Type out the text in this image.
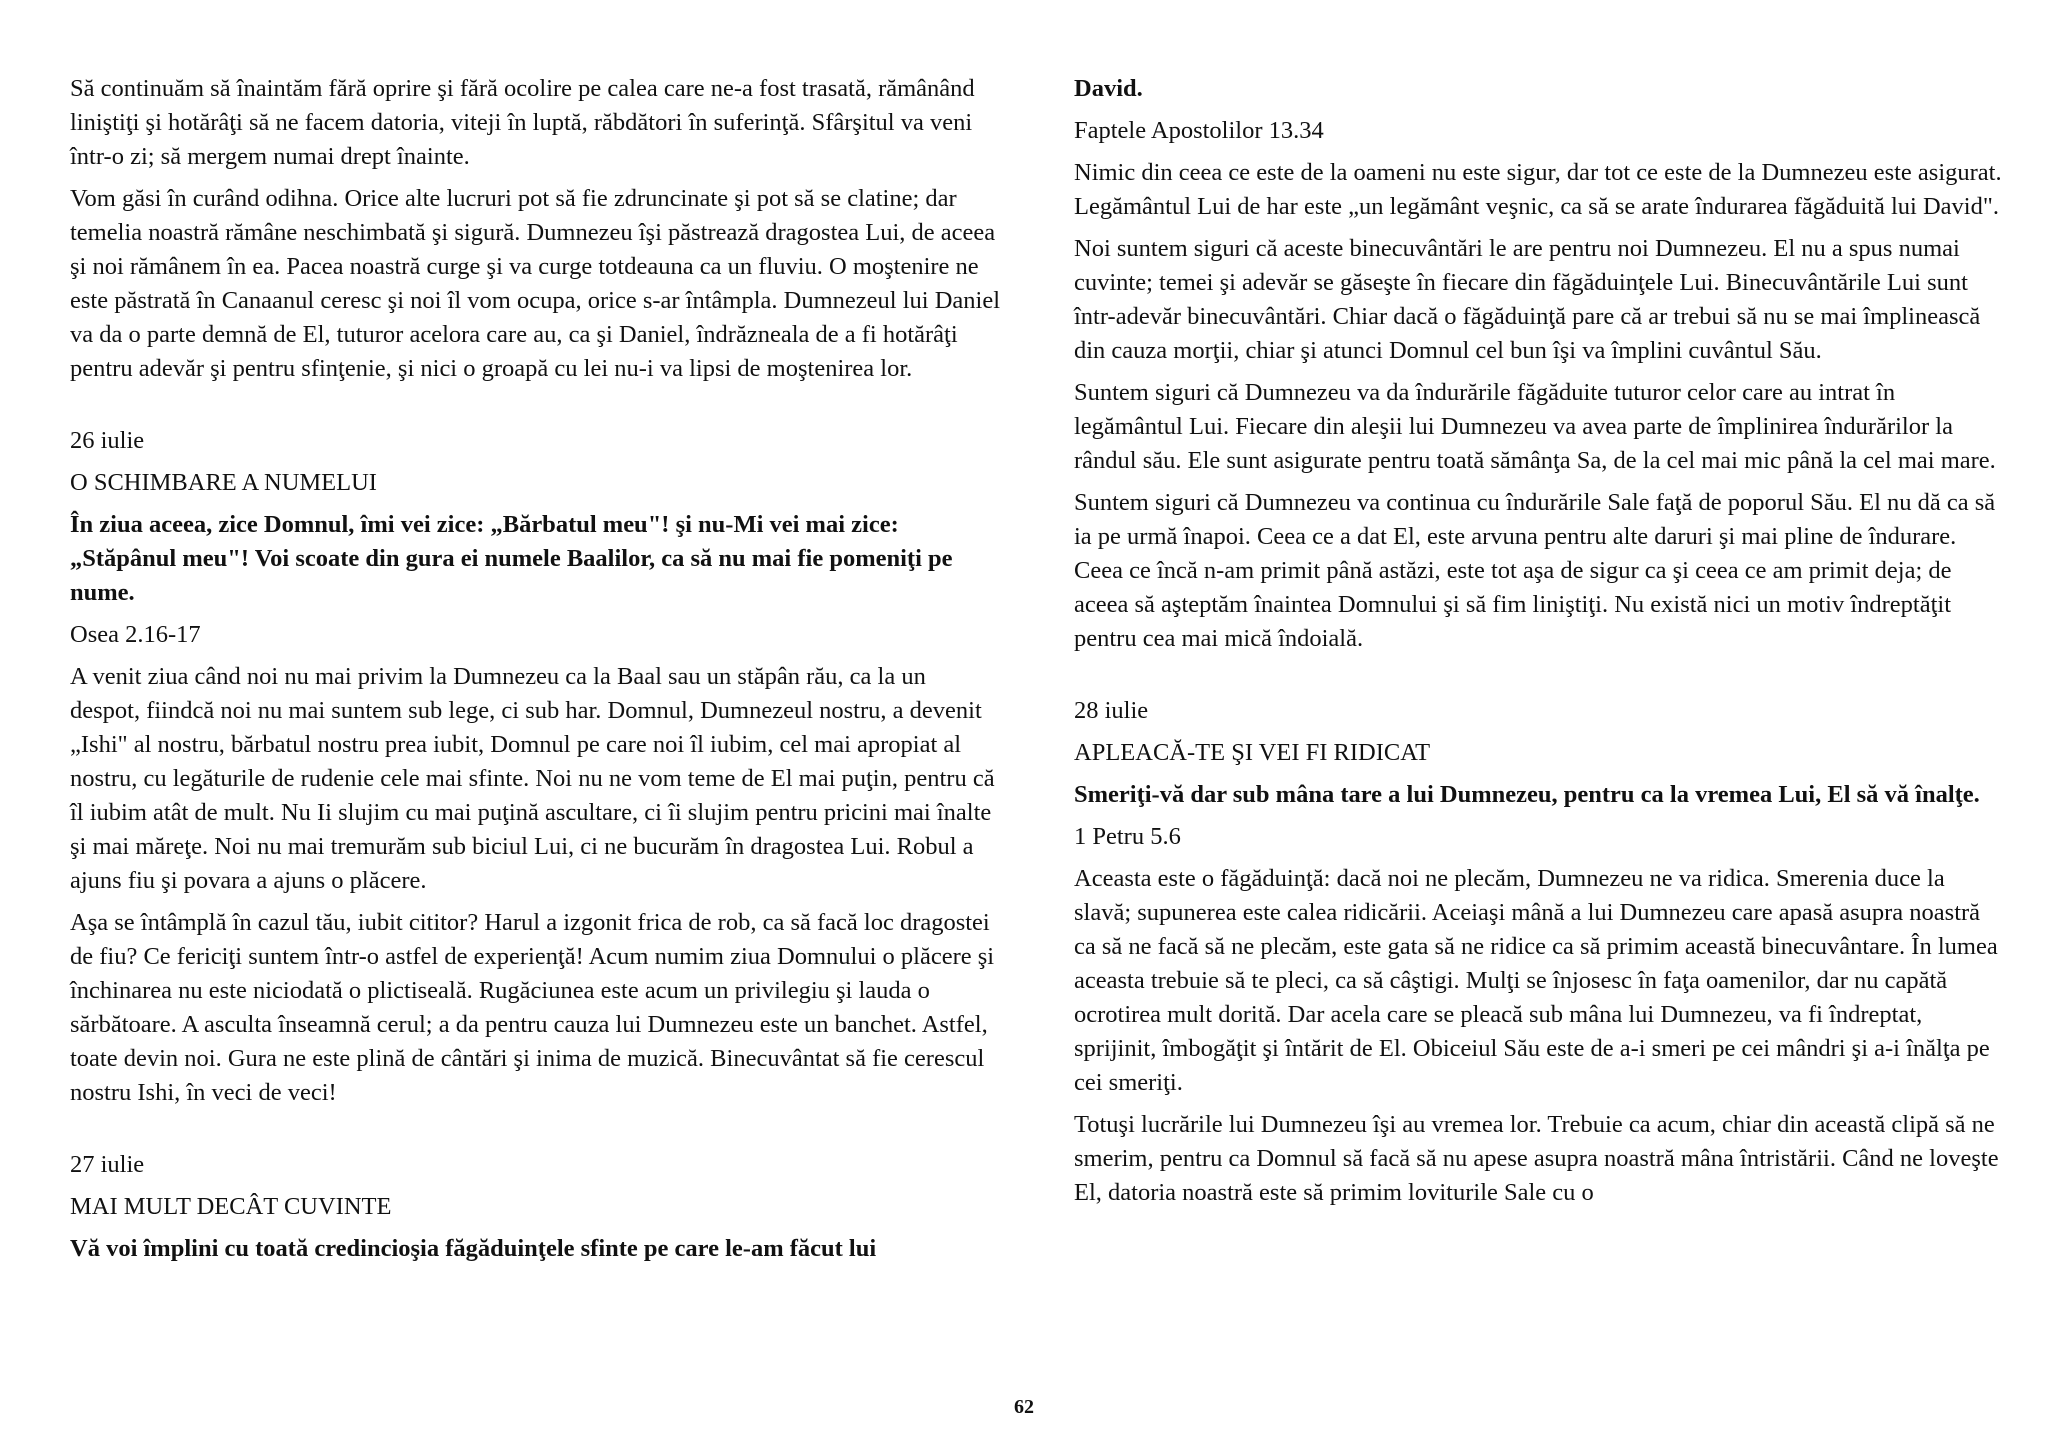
Să continuăm să înaintăm fără oprire şi fără ocolire pe calea care ne-a fost trasată, rămânând liniştiţi şi hotărâţi să ne facem datoria, viteji în luptă, răbdători în suferinţă. Sfârşitul va veni într-o zi; să mergem numai drept înainte.

Vom găsi în curând odihna. Orice alte lucruri pot să fie zdruncinate şi pot să se clatine; dar temelia noastră rămâne neschimbată şi sigură. Dumnezeu îşi păstrează dragostea Lui, de aceea şi noi rămânem în ea. Pacea noastră curge şi va curge totdeauna ca un fluviu. O moştenire ne este păstrată în Canaanul ceresc şi noi îl vom ocupa, orice s-ar întâmpla. Dumnezeul lui Daniel va da o parte demnă de El, tuturor acelora care au, ca şi Daniel, îndrăzneala de a fi hotărâţi pentru adevăr şi pentru sfinţenie, şi nici o groapă cu lei nu-i va lipsi de moştenirea lor.

26 iulie

O SCHIMBARE A NUMELUI

În ziua aceea, zice Domnul, îmi vei zice: „Bărbatul meu"! şi nu-Mi vei mai zice: „Stăpânul meu"! Voi scoate din gura ei numele Baalilor, ca să nu mai fie pomeniţi pe nume.

Osea 2.16-17

A venit ziua când noi nu mai privim la Dumnezeu ca la Baal sau un stăpân rău, ca la un despot, fiindcă noi nu mai suntem sub lege, ci sub har. Domnul, Dumnezeul nostru, a devenit „Ishi" al nostru, bărbatul nostru prea iubit, Domnul pe care noi îl iubim, cel mai apropiat al nostru, cu legăturile de rudenie cele mai sfinte. Noi nu ne vom teme de El mai puţin, pentru că îl iubim atât de mult. Nu Ii slujim cu mai puţină ascultare, ci îi slujim pentru pricini mai înalte şi mai măreţe. Noi nu mai tremurăm sub biciul Lui, ci ne bucurăm în dragostea Lui. Robul a ajuns fiu şi povara a ajuns o plăcere.

Aşa se întâmplă în cazul tău, iubit cititor? Harul a izgonit frica de rob, ca să facă loc dragostei de fiu? Ce fericiţi suntem într-o astfel de experienţă! Acum numim ziua Domnului o plăcere şi închinarea nu este niciodată o plictiseală. Rugăciunea este acum un privilegiu şi lauda o sărbătoare. A asculta înseamnă cerul; a da pentru cauza lui Dumnezeu este un banchet. Astfel, toate devin noi. Gura ne este plină de cântări şi inima de muzică. Binecuvântat să fie cerescul nostru Ishi, în veci de veci!

27 iulie

MAI MULT DECÂT CUVINTE

Vă voi împlini cu toată credincioşia făgăduinţele sfinte pe care le-am făcut lui

David.

Faptele Apostolilor 13.34

Nimic din ceea ce este de la oameni nu este sigur, dar tot ce este de la Dumnezeu este asigurat. Legământul Lui de har este „un legământ veşnic, ca să se arate îndurarea făgăduită lui David".

Noi suntem siguri că aceste binecuvântări le are pentru noi Dumnezeu. El nu a spus numai cuvinte; temei şi adevăr se găseşte în fiecare din făgăduinţele Lui. Binecuvântările Lui sunt într-adevăr binecuvântări. Chiar dacă o făgăduinţă pare că ar trebui să nu se mai împlinească din cauza morţii, chiar şi atunci Domnul cel bun îşi va împlini cuvântul Său.

Suntem siguri că Dumnezeu va da îndurările făgăduite tuturor celor care au intrat în legământul Lui. Fiecare din aleşii lui Dumnezeu va avea parte de împlinirea îndurărilor la rândul său. Ele sunt asigurate pentru toată sămânţa Sa, de la cel mai mic până la cel mai mare.

Suntem siguri că Dumnezeu va continua cu îndurările Sale faţă de poporul Său. El nu dă ca să ia pe urmă înapoi. Ceea ce a dat El, este arvuna pentru alte daruri şi mai pline de îndurare. Ceea ce încă n-am primit până astăzi, este tot aşa de sigur ca şi ceea ce am primit deja; de aceea să aşteptăm înaintea Domnului şi să fim liniştiţi. Nu există nici un motiv îndreptăţit pentru cea mai mică îndoială.

28 iulie

APLEACĂ-TE ŞI VEI FI RIDICAT

Smeriţi-vă dar sub mâna tare a lui Dumnezeu, pentru ca la vremea Lui, El să vă înalţe.

1 Petru 5.6

Aceasta este o făgăduinţă: dacă noi ne plecăm, Dumnezeu ne va ridica. Smerenia duce la slavă; supunerea este calea ridicării. Aceiaşi mână a lui Dumnezeu care apasă asupra noastră ca să ne facă să ne plecăm, este gata să ne ridice ca să primim această binecuvântare. În lumea aceasta trebuie să te pleci, ca să câştigi. Mulţi se înjosesc în faţa oamenilor, dar nu capătă ocrotirea mult dorită. Dar acela care se pleacă sub mâna lui Dumnezeu, va fi îndreptat, sprijinit, îmbogăţit şi întărit de El. Obiceiul Său este de a-i smeri pe cei mândri şi a-i înălţa pe cei smeriţi.

Totuşi lucrările lui Dumnezeu îşi au vremea lor. Trebuie ca acum, chiar din această clipă să ne smerim, pentru ca Domnul să facă să nu apese asupra noastră mâna întristării. Când ne loveşte El, datoria noastră este să primim loviturile Sale cu o

62
